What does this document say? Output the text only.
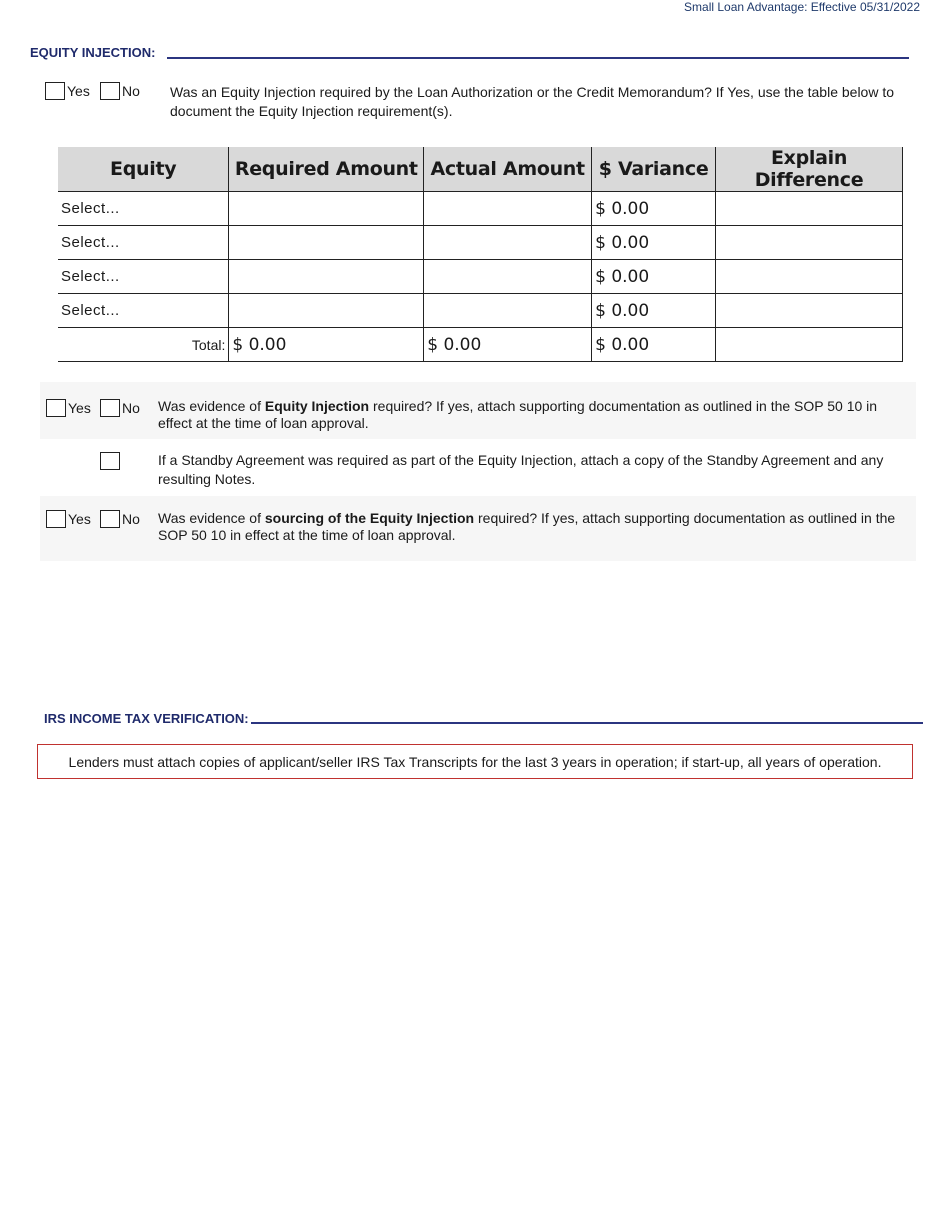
Small Loan Advantage: Effective 05/31/2022
EQUITY INJECTION:
Yes	No Was an Equity Injection required by the Loan Authorization or the Credit Memorandum? If Yes, use the table below to document the Equity Injection requirement(s).
Equity	Required Amount	Actual Amount	$ Variance	Explain Difference
Select...			$ 0.00	
Select...			$ 0.00	
Select...			$ 0.00	
Select...			$ 0.00	
Total:	$ 0.00	$ 0.00	$ 0.00	
Yes	No Was evidence of Equity Injection required? If yes, attach supporting documentation as outlined in the SOP 50 10 in effect at the time of loan approval.
If a Standby Agreement was required as part of the Equity Injection, attach a copy of the Standby Agreement and any resulting Notes.
Yes	No Was evidence of sourcing of the Equity Injection required? If yes, attach supporting documentation as outlined in the SOP 50 10 in effect at the time of loan approval.
IRS INCOME TAX VERIFICATION:
Lenders must attach copies of applicant/seller IRS Tax Transcripts for the last 3 years in operation; if start-up, all years of operation.
